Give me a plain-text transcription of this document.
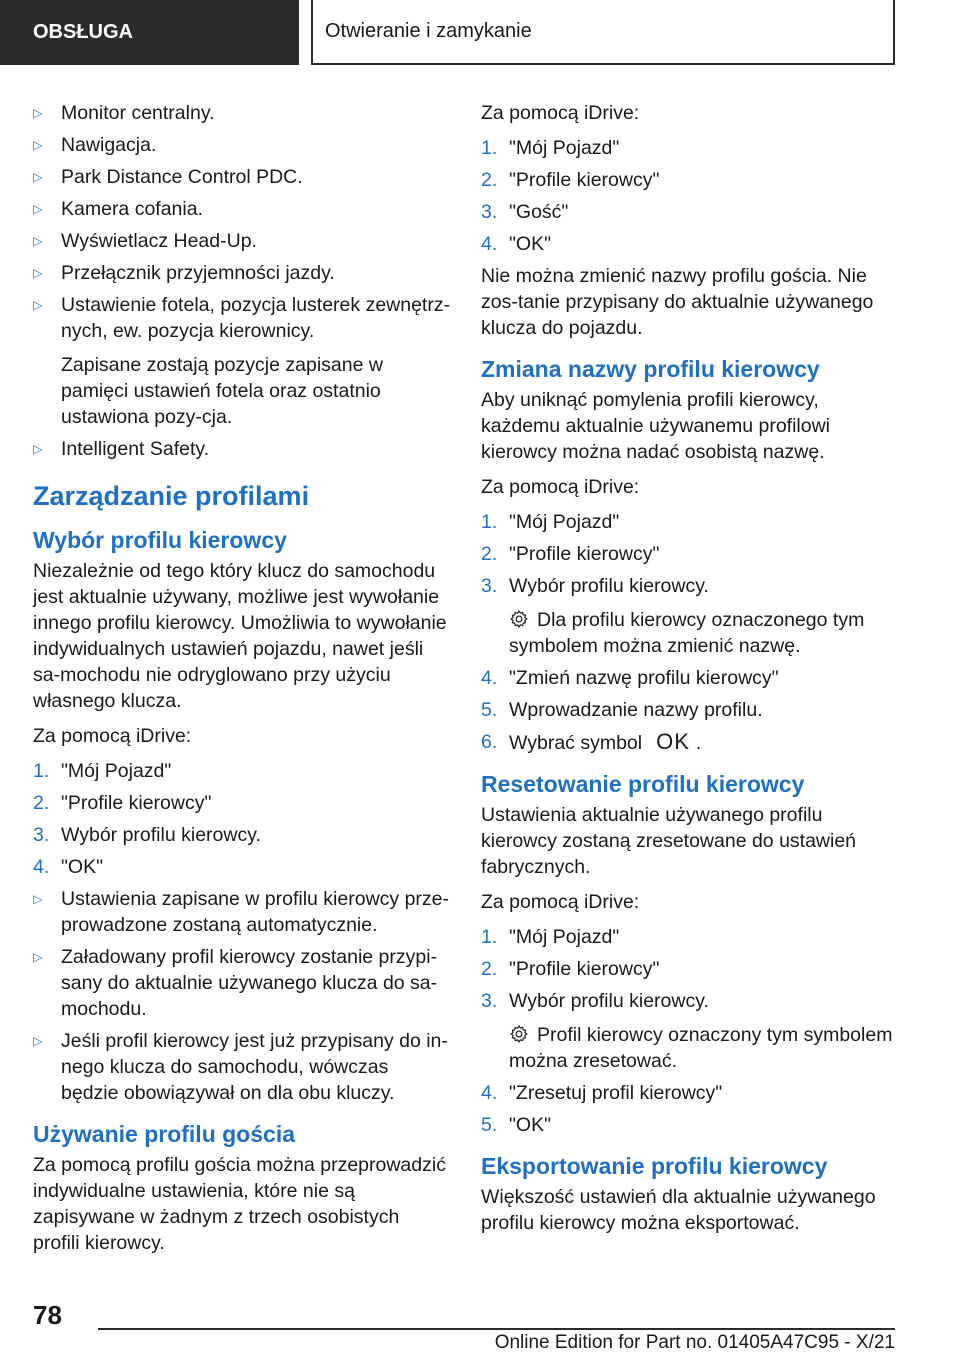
OBSŁUGA	Otwieranie i zamykanie
▷ Monitor centralny.
▷ Nawigacja.
▷ Park Distance Control PDC.
▷ Kamera cofania.
▷ Wyświetlacz Head-Up.
▷ Przełącznik przyjemności jazdy.
▷ Ustawienie fotela, pozycja lusterek zewnętrz-nych, ew. pozycja kierownicy.
Zapisane zostają pozycje zapisane w pamięci ustawień fotela oraz ostatnio ustawiona pozy-cja.
▷ Intelligent Safety.
Zarządzanie profilami
Wybór profilu kierowcy

Niezależnie od tego który klucz do samochodu jest aktualnie używany, możliwe jest wywołanie innego profilu kierowcy. Umożliwia to wywołanie indywidualnych ustawień pojazdu, nawet jeśli sa-mochodu nie odryglowano przy użyciu własnego klucza.

Za pomocą iDrive:

1. "Mój Pojazd"
2. "Profile kierowcy"
3. Wybór profilu kierowcy.
4. "OK"
▷ Ustawienia zapisane w profilu kierowcy prze-prowadzone zostaną automatycznie.
▷ Załadowany profil kierowcy zostanie przypi-sany do aktualnie używanego klucza do sa-mochodu.
▷ Jeśli profil kierowcy jest już przypisany do in-nego klucza do samochodu, wówczas będzie obowiązywał on dla obu kluczy.
Używanie profilu gościa

Za pomocą profilu gościa można przeprowadzić indywidualne ustawienia, które nie są zapisywane w żadnym z trzech osobistych profili kierowcy.

Za pomocą iDrive:

1. "Mój Pojazd"
2. "Profile kierowcy"
3. "Gość"
4. "OK"

Nie można zmienić nazwy profilu gościa. Nie zos-tanie przypisany do aktualnie używanego klucza do pojazdu.

Zmiana nazwy profilu kierowcy

Aby uniknąć pomylenia profili kierowcy, każdemu aktualnie używanemu profilowi kierowcy można nadać osobistą nazwę.

Za pomocą iDrive:

1. "Mój Pojazd"
2. "Profile kierowcy"
3. Wybór profilu kierowcy.
Dla profilu kierowcy oznaczonego tym symbolem można zmienić nazwę.
4. "Zmień nazwę profilu kierowcy"
5. Wprowadzanie nazwy profilu.
6. Wybrać symbol OK .
Resetowanie profilu kierowcy

Ustawienia aktualnie używanego profilu kierowcy zostaną zresetowane do ustawień fabrycznych.

Za pomocą iDrive:

1. "Mój Pojazd"
2. "Profile kierowcy"
3. Wybór profilu kierowcy.
Profil kierowcy oznaczony tym symbolem można zresetować.
4. "Zresetuj profil kierowcy"
5. "OK"
Eksportowanie profilu kierowcy

Większość ustawień dla aktualnie używanego profilu kierowcy można eksportować.

78
Online Edition for Part no. 01405A47C95 - X/21
